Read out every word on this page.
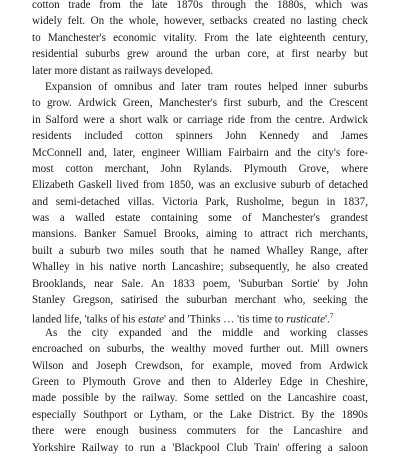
cotton trade from the late 1870s through the 1880s, which was
widely felt. On the whole, however, setbacks created no lasting check
to Manchester's economic vitality. From the late eighteenth century,
residential suburbs grew around the urban core, at first nearby but
later more distant as railways developed.
Expansion of omnibus and later tram routes helped inner suburbs
to grow. Ardwick Green, Manchester's first suburb, and the Crescent
in Salford were a short walk or carriage ride from the centre. Ardwick
residents included cotton spinners John Kennedy and James
McConnell and, later, engineer William Fairbairn and the city's fore-
most cotton merchant, John Rylands. Plymouth Grove, where
Elizabeth Gaskell lived from 1850, was an exclusive suburb of detached
and semi-detached villas. Victoria Park, Rusholme, begun in 1837,
was a walled estate containing some of Manchester's grandest
mansions. Banker Samuel Brooks, aiming to attract rich merchants,
built a suburb two miles south that he named Whalley Range, after
Whalley in his native north Lancashire; subsequently, he also created
Brooklands, near Sale. An 1833 poem, 'Suburban Sortie' by John
Stanley Gregson, satirised the suburban merchant who, seeking the
landed life, 'talks of his estate' and 'Thinks … 'tis time to rusticate'.$^7$
As the city expanded and the middle and working classes
encroached on suburbs, the wealthy moved further out. Mill owners
Wilson and Joseph Crewdson, for example, moved from Ardwick
Green to Plymouth Grove and then to Alderley Edge in Cheshire,
made possible by the railway. Some settled on the Lancashire coast,
especially Southport or Lytham, or the Lake District. By the 1890s
there were enough business commuters for the Lancashire and
Yorkshire Railway to run a 'Blackpool Club Train' offering a saloon
